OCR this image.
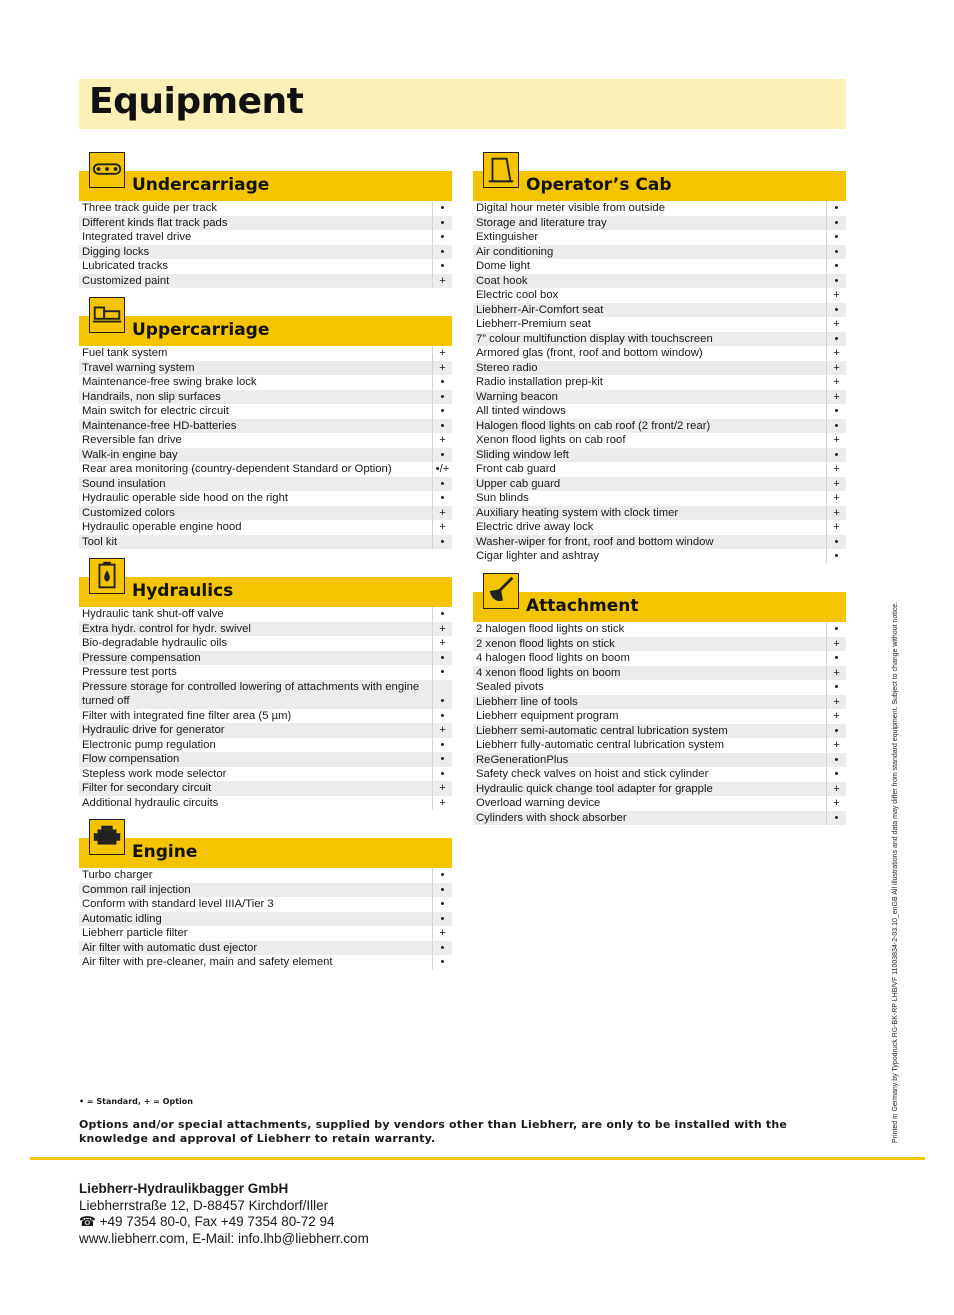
Equipment
Undercarriage
Three track guide per track	•
Different kinds flat track pads	•
Integrated travel drive	•
Digging locks	•
Lubricated tracks	•
Customized paint	+
Uppercarriage
Fuel tank system	+
Travel warning system	+
Maintenance-free swing brake lock	•
Handrails, non slip surfaces	•
Main switch for electric circuit	•
Maintenance-free HD-batteries	•
Reversible fan drive	+
Walk-in engine bay	•
Rear area monitoring (country-dependent Standard or Option)	•/+
Sound insulation	•
Hydraulic operable side hood on the right	•
Customized colors	+
Hydraulic operable engine hood	+
Tool kit	•
Hydraulics
Hydraulic tank shut-off valve	•
Extra hydr. control for hydr. swivel	+
Bio-degradable hydraulic oils	+
Pressure compensation	•
Pressure test ports	•
Pressure storage for controlled lowering of attachments with engine turned off	•
Filter with integrated fine filter area (5 µm)	•
Hydraulic drive for generator	+
Electronic pump regulation	•
Flow compensation	•
Stepless work mode selector	•
Filter for secondary circuit	+
Additional hydraulic circuits	+
Engine
Turbo charger	•
Common rail injection	•
Conform with standard level IIIA/Tier 3	•
Automatic idling	•
Liebherr particle filter	+
Air filter with automatic dust ejector	•
Air filter with pre-cleaner, main and safety element	•
Operator’s Cab
Digital hour meter visible from outside	•
Storage and literature tray	•
Extinguisher	•
Air conditioning	•
Dome light	•
Coat hook	•
Electric cool box	+
Liebherr-Air-Comfort seat	•
Liebherr-Premium seat	+
7” colour multifunction display with touchscreen	•
Armored glas (front, roof and bottom window)	+
Stereo radio	+
Radio installation prep-kit	+
Warning beacon	+
All tinted windows	•
Halogen flood lights on cab roof (2 front/2 rear)	•
Xenon flood lights on cab roof	+
Sliding window left	•
Front cab guard	+
Upper cab guard	+
Sun blinds	+
Auxiliary heating system with clock timer	+
Electric drive away lock	+
Washer-wiper for front, roof and bottom window	•
Cigar lighter and ashtray	•
Attachment
2 halogen flood lights on stick	•
2 xenon flood lights on stick	+
4 halogen flood lights on boom	•
4 xenon flood lights on boom	+
Sealed pivots	•
Liebherr line of tools	+
Liebherr equipment program	+
Liebherr semi-automatic central lubrication system	•
Liebherr fully-automatic central lubrication system	+
ReGenerationPlus	•
Safety check valves on hoist and stick cylinder	•
Hydraulic quick change tool adapter for grapple	+
Overload warning device	+
Cylinders with shock absorber	•
• = Standard, + = Option
Options and/or special attachments, supplied by vendors other than Liebherr, are only to be installed with the knowledge and approval of Liebherr to retain warranty.
Liebherr-Hydraulikbagger GmbH
Liebherrstraße 12, D-88457 Kirchdorf/Iller
☎ +49 7354 80-0, Fax +49 7354 80-72 94
www.liebherr.com, E-Mail: info.lhb@liebherr.com
Printed in Germany by Typodruck RG-BK-RP LHB/VF 11003834-2-03.10_enGB All illustrations and data may differ from standard equipment. Subject to change without notice.
